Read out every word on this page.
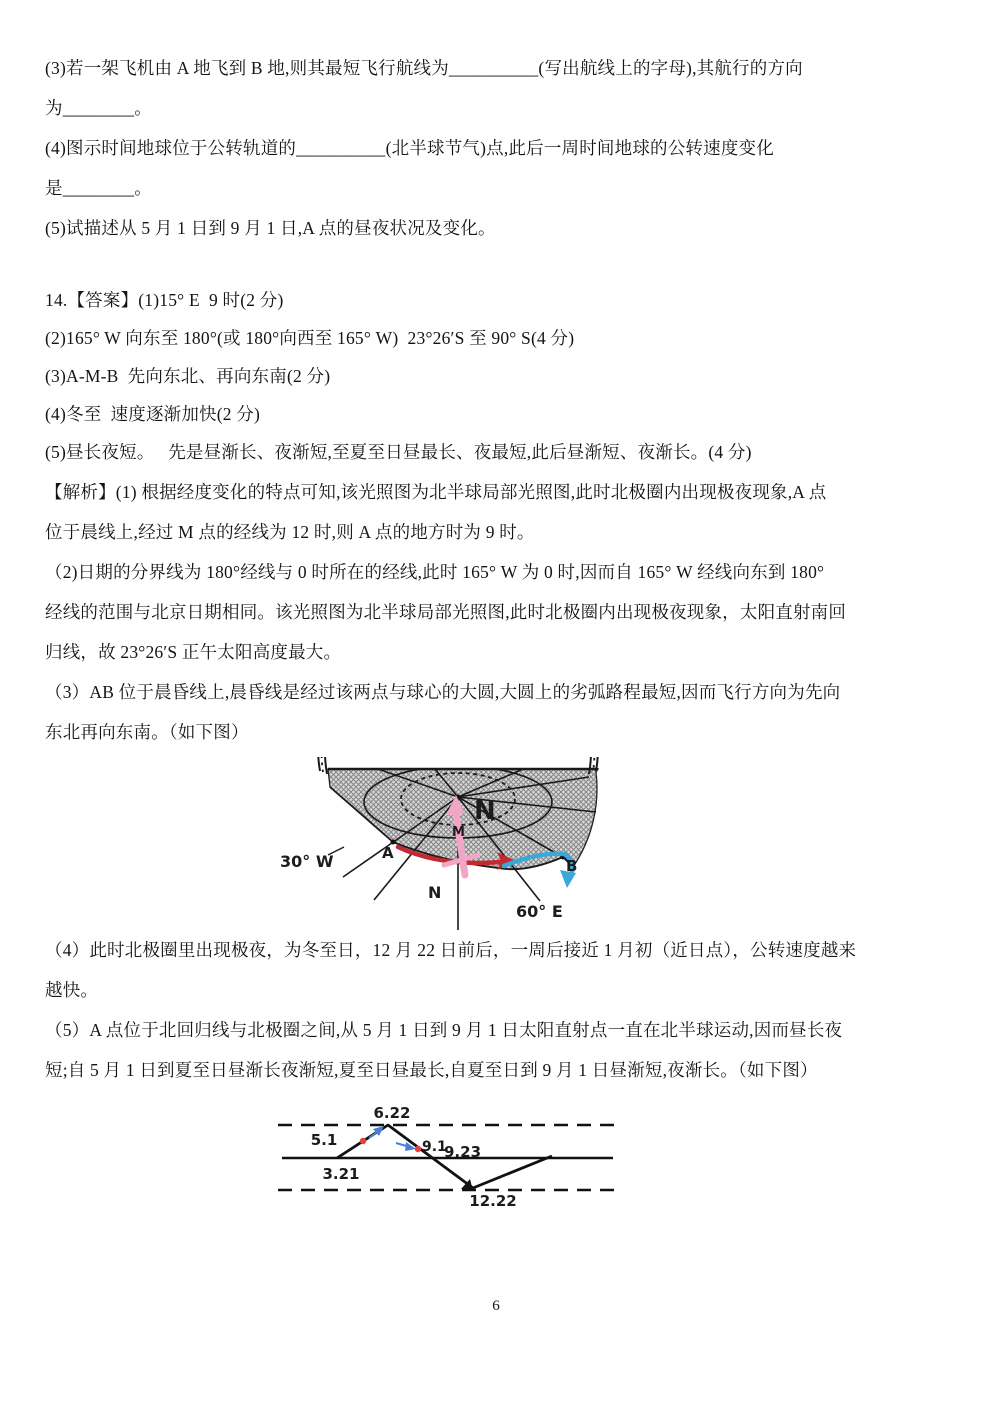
(3)若一架飞机由 A 地飞到 B 地,则其最短飞行航线为__________(写出航线上的字母),其航行的方向
为________。
(4)图示时间地球位于公转轨道的__________(北半球节气)点,此后一周时间地球的公转速度变化
是________。
(5)试描述从 5 月 1 日到 9 月 1 日,A 点的昼夜状况及变化。
14.【答案】(1)15° E  9 时(2 分)
(2)165° W 向东至 180°(或 180°向西至 165° W)  23°26′S 至 90° S(4 分)
(3)A-M-B  先向东北、再向东南(2 分)
(4)冬至  速度逐渐加快(2 分)
(5)昼长夜短。   先是昼渐长、夜渐短,至夏至日昼最长、夜最短,此后昼渐短、夜渐长。(4 分)
【解析】(1) 根据经度变化的特点可知,该光照图为北半球局部光照图,此时北极圈内出现极夜现象,A 点
位于晨线上,经过 M 点的经线为 12 时,则 A 点的地方时为 9 时。
（2)日期的分界线为 180°经线与 0 时所在的经线,此时 165° W 为 0 时,因而自 165° W 经线向东到 180°
经线的范围与北京日期相同。该光照图为北半球局部光照图,此时北极圈内出现极夜现象，太阳直射南回
归线，故 23°26′S 正午太阳高度最大。
（3）AB 位于晨昏线上,晨昏线是经过该两点与球心的大圆,大圆上的劣弧路程最短,因而飞行方向为先向
东北再向东南。（如下图）
30° W
60° E
A
B
M
N
N
（4）此时北极圈里出现极夜，为冬至日，12 月 22 日前后，一周后接近 1 月初（近日点），公转速度越来
越快。
（5）A 点位于北回归线与北极圈之间,从 5 月 1 日到 9 月 1 日太阳直射点一直在北半球运动,因而昼长夜
短;自 5 月 1 日到夏至日昼渐长夜渐短,夏至日昼最长,自夏至日到 9 月 1 日昼渐短,夜渐长。（如下图）
6.22
5.1
3.21
9.1
9.23
12.22
6
